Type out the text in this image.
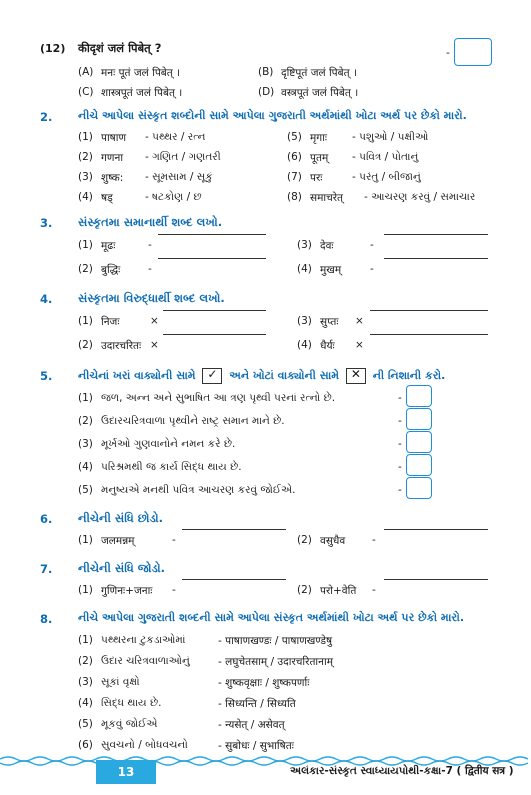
(12) कीदृशं जलं पिबेत् ?	-
(A) मनः पूतं जलं पिबेत् ।	(B) दृष्टिपूतं जलं पिबेत् ।
(C) शास्त्रपूतं जलं पिबेत् ।	(D) वस्त्रपूतं जलं पिबेत् ।
2. નીચે આપેલા સંસ્કૃત શબ્દોની સામે આપેલા ગુજરાતી અર્થમાંથી ખોટા અર્થ પર છેકો મારો.
(1) पाषाण - પથ્થર / રત્ન
(2) गणना - ગણિત / ગણતરી
(3) शुष्क: - સૂમસામ / સૂકું
(4) षड्	- ષટકોણ / છ
(5) मृगाः - પશુઓ / પક્ષીઓ
(6) पूतम् - પવિત્ર / પોતાનું
(7) परः	- પરંતુ / બીજાનું
(8) समाचरेत् - આચરણ કરવું / સમાચાર
3. સંસ્કૃતમા સમાનાર્થી શબ્દ લખો.
(1) मूढः	-	(3) देवः	-
(2) बुद्धिः	-	(4) मुखम्	-
4. સંસ્કૃતમા વિરુદ્ધાર્થી શબ્દ લખો.
(1) निजः	×	(3) सुप्तः ×
(2) उदारचरितः ×	(4) धैर्यः ×
5. નીચેનાં ખરાં વાક્યોની સામે ✓ અને ખોટાં વાક્યોની સામે ✕ ની નિશાની કરો.
(1) જળ, અન્ન અને સુભાષિત આ ત્રણ પૃથ્વી પરનાં રત્નો છે.	-
(2) ઉદારચરિત્રવાળા પૃથ્વીને રાષ્ટ્ર સમાન માને છે.	-
(3) મૂર્ખઓ ગુણવાનોને નમન કરે છે.	-
(4) પરિશ્રમથી જ કાર્ય સિદ્ધ થાય છે.	-
(5) મનુષ્યએ મનથી પવિત્ર આચરણ કરવું જોઈએ.	-
6. નીચેની સંધિ છોડો.
(1) जलमन्नम्	-	(2) वसुधैव	-
7. નીચેની સંધિ જોડો.
(1) गुणिनः+जनाः -	(2) परो+वेति -
8. નીચે આપેલા ગુજરાતી શબ્દની સામે આપેલા સંસ્કૃત અર્થમાંથી ખોટા અર્થ પર છેકો મારો.
(1) પથ્થરના ટુકડાઓમાં	- पाषाणखण्डः / पाषाणखण्डेषु
(2) ઉદાર ચરિત્રવાળાઓનું	- लघुचेतसाम् / उदारचरितानाम्
(3) સૂકાં વૃક્ષો	- शुष्कवृक्षाः / शुष्कपर्णाः
(4) સિદ્ધ થાય છે.	- सिध्यन्ति / सिध्यति
(5) મૂકવું જોઈએ	- न्यसेत् / असेवत्
(6) સુવચનો / બોધવચનો	- सुबोधः / सुभाषितः
13	અલંકાર-સંસ્કૃત સ્વાધ્યાયપોથી-કક્ષા-7 ( द्वितीय सत्र )
